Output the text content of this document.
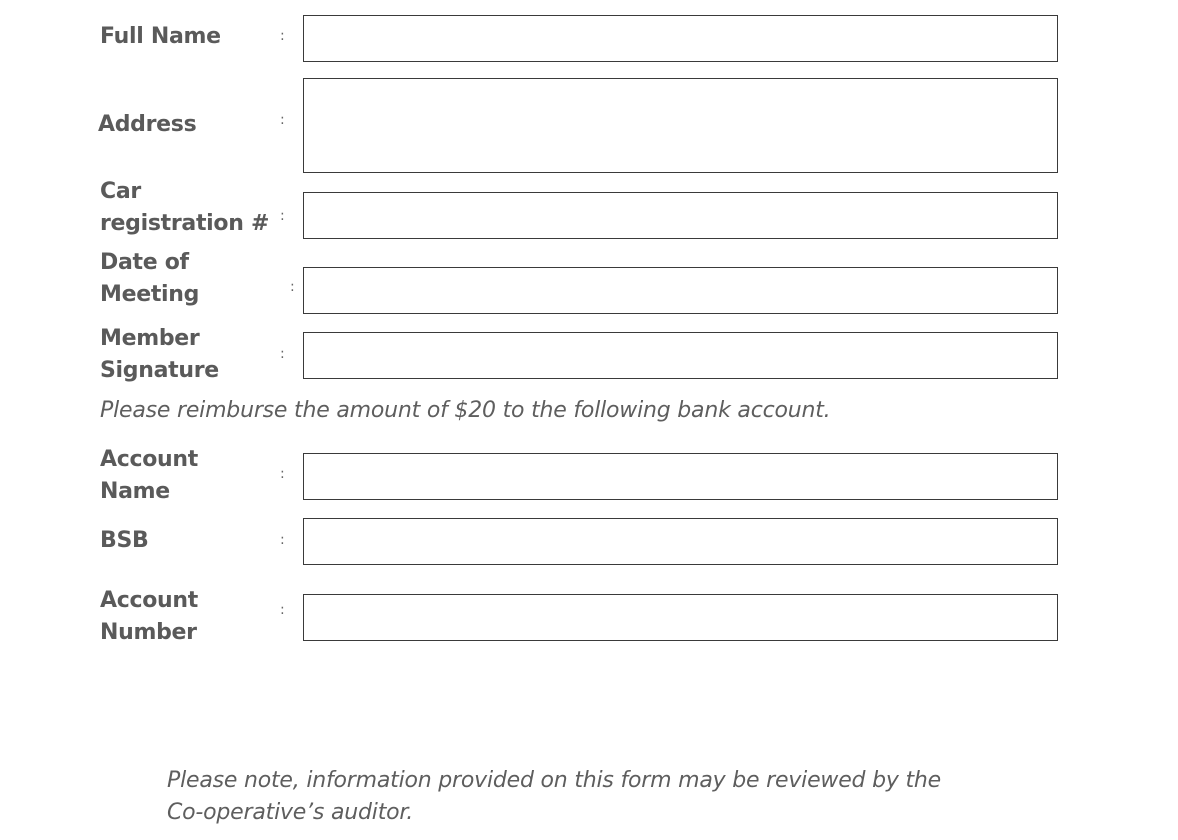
Full Name	:
Address	:
Car
registration # :
Date of
Meeting	:
Member
Signature
:
Please reimburse the amount of $20 to the following bank account.
Account
Name
:
BSB	:
Account
Number
:
Please note, information provided on this form may be reviewed by the
Co-operative’s auditor.
